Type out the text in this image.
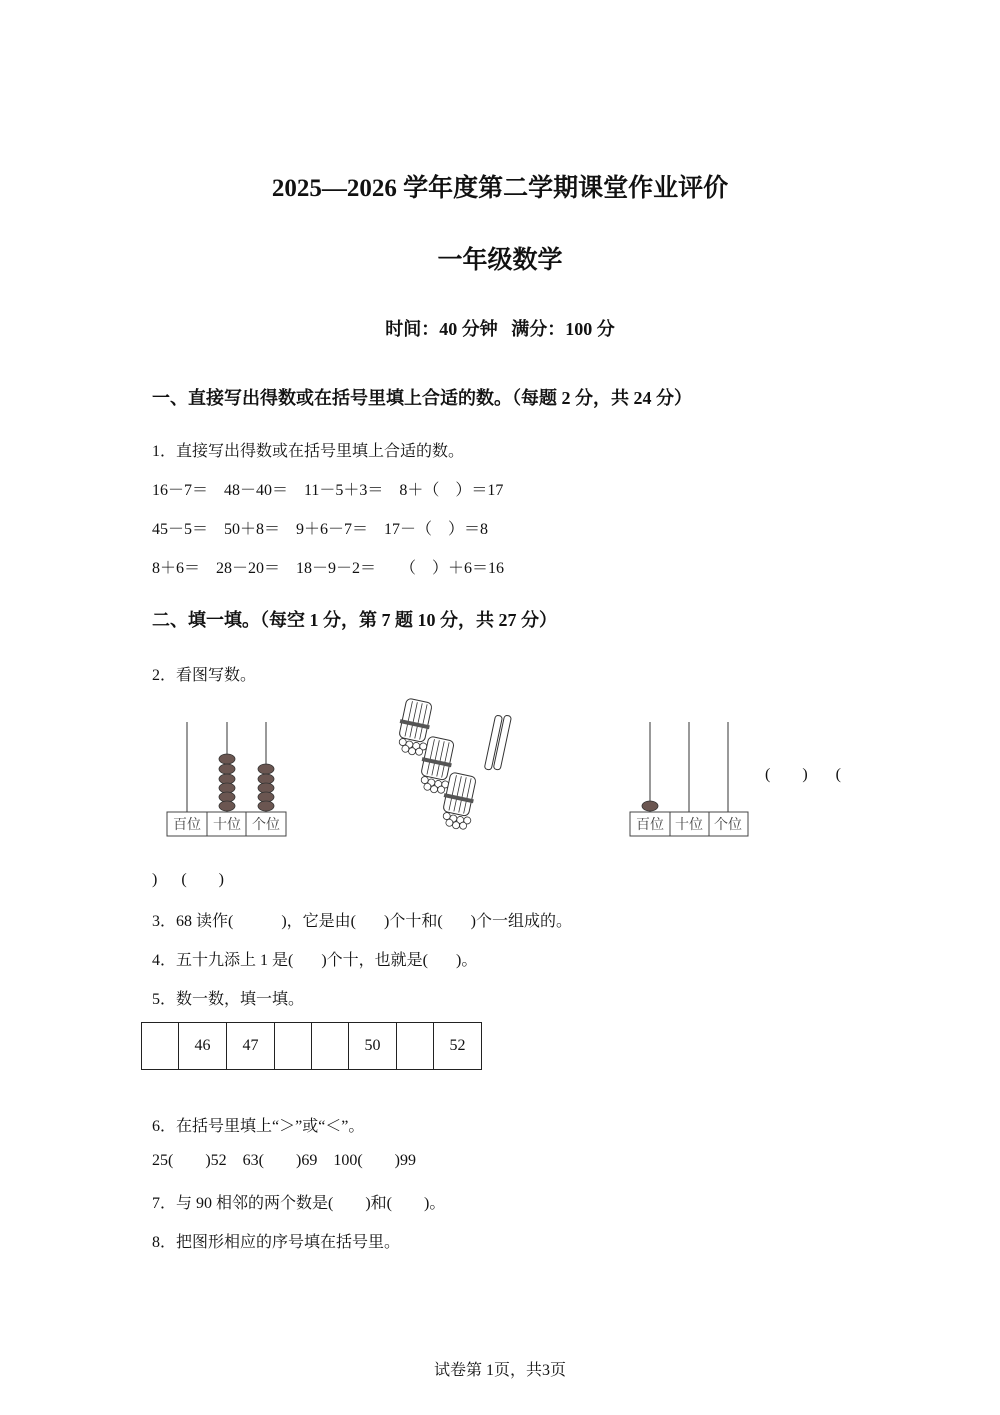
2025—2026 学年度第二学期课堂作业评价
一年级数学
时间：40 分钟   满分：100 分
一、直接写出得数或在括号里填上合适的数。（每题 2 分，共 24 分）
1．直接写出得数或在括号里填上合适的数。
16－7＝    48－40＝    11－5＋3＝    8＋（    ）＝17
45－5＝    50＋8＝    9＋6－7＝    17－（    ）＝8
8＋6＝    28－20＝    18－9－2＝      （    ）＋6＝16
二、填一填。（每空 1 分，第 7 题 10 分，共 27 分）
2．看图写数。
百位 十位 个位	百位 十位 个位
(        )       (
)      (        )
3．68 读作(            )，它是由(       )个十和(       )个一组成的。
4．五十九添上 1 是(       )个十，也就是(       )。
5．数一数，填一填。
	46	47			50		52
6．在括号里填上“＞”或“＜”。
25(        )52    63(        )69    100(        )99
7．与 90 相邻的两个数是(        )和(        )。
8．把图形相应的序号填在括号里。
试卷第 1页，共3页
